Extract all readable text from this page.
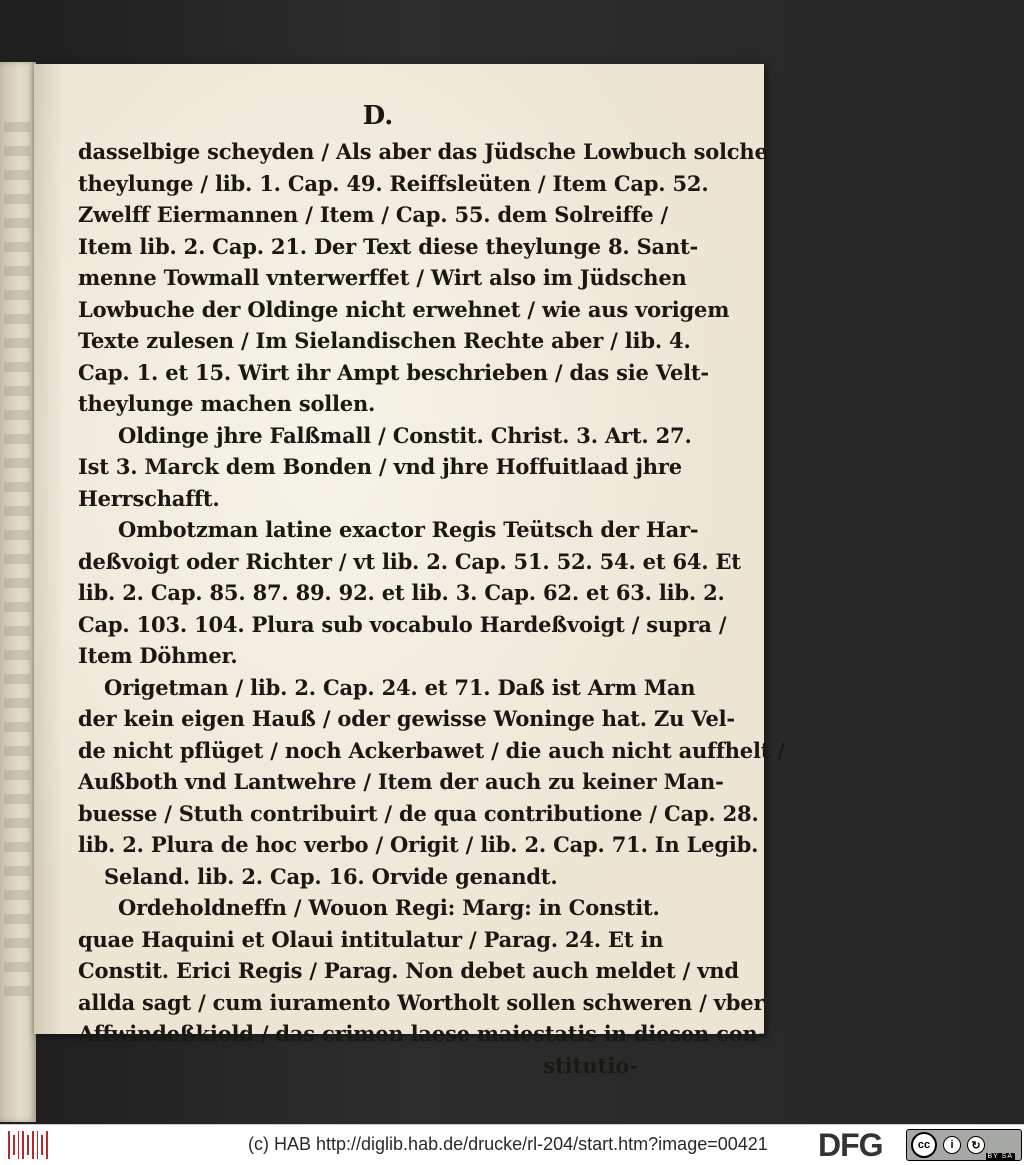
D.
dasselbige scheyden / Als aber das Jüdsche Lowbuch solche
theylunge / lib. 1. Cap. 49. Reiffsleüten / Item Cap. 52.
Zwelff Eiermannen / Item / Cap. 55. dem Solreiffe /
Item lib. 2. Cap. 21. Der Text diese theylunge 8. Sant-
menne Towmall vnterwerffet / Wirt also im Jüdschen
Lowbuche der Oldinge nicht erwehnet / wie aus vorigem
Texte zulesen / Im Sielandischen Rechte aber / lib. 4.
Cap. 1. et 15. Wirt ihr Ampt beschrieben / das sie Velt-
theylunge machen sollen.
Oldinge jhre Falßmall / Constit. Christ. 3. Art. 27.
Ist 3. Marck dem Bonden / vnd jhre Hoffuitlaad jhre
Herrschafft.
Ombotzman latine exactor Regis Teütsch der Har-
deßvoigt oder Richter / vt lib. 2. Cap. 51. 52. 54. et 64. Et
lib. 2. Cap. 85. 87. 89. 92. et lib. 3. Cap. 62. et 63. lib. 2.
Cap. 103. 104. Plura sub vocabulo Hardeßvoigt / supra /
Item Döhmer.
Origetman / lib. 2. Cap. 24. et 71. Daß ist Arm Man
der kein eigen Hauß / oder gewisse Woninge hat. Zu Vel-
de nicht pflüget / noch Ackerbawet / die auch nicht auffhelt /
Außboth vnd Lantwehre / Item der auch zu keiner Man-
buesse / Stuth contribuirt / de qua contributione / Cap. 28.
lib. 2. Plura de hoc verbo / Origit / lib. 2. Cap. 71. In Legib.
Seland. lib. 2. Cap. 16. Orvide genandt.
Ordeholdneffn / Wouon Regi: Marg: in Constit.
quae Haquini et Olaui intitulatur / Parag. 24. Et in
Constit. Erici Regis / Parag. Non debet auch meldet / vnd
allda sagt / cum iuramento Wortholt sollen schweren / vber
Affwindeßkiold / das crimen laese maiestatis in diesen con-
stitutio-
(c) HAB http://diglib.hab.de/drucke/rl-204/start.htm?image=00421 DFG	cc	i	↻
BY SA
